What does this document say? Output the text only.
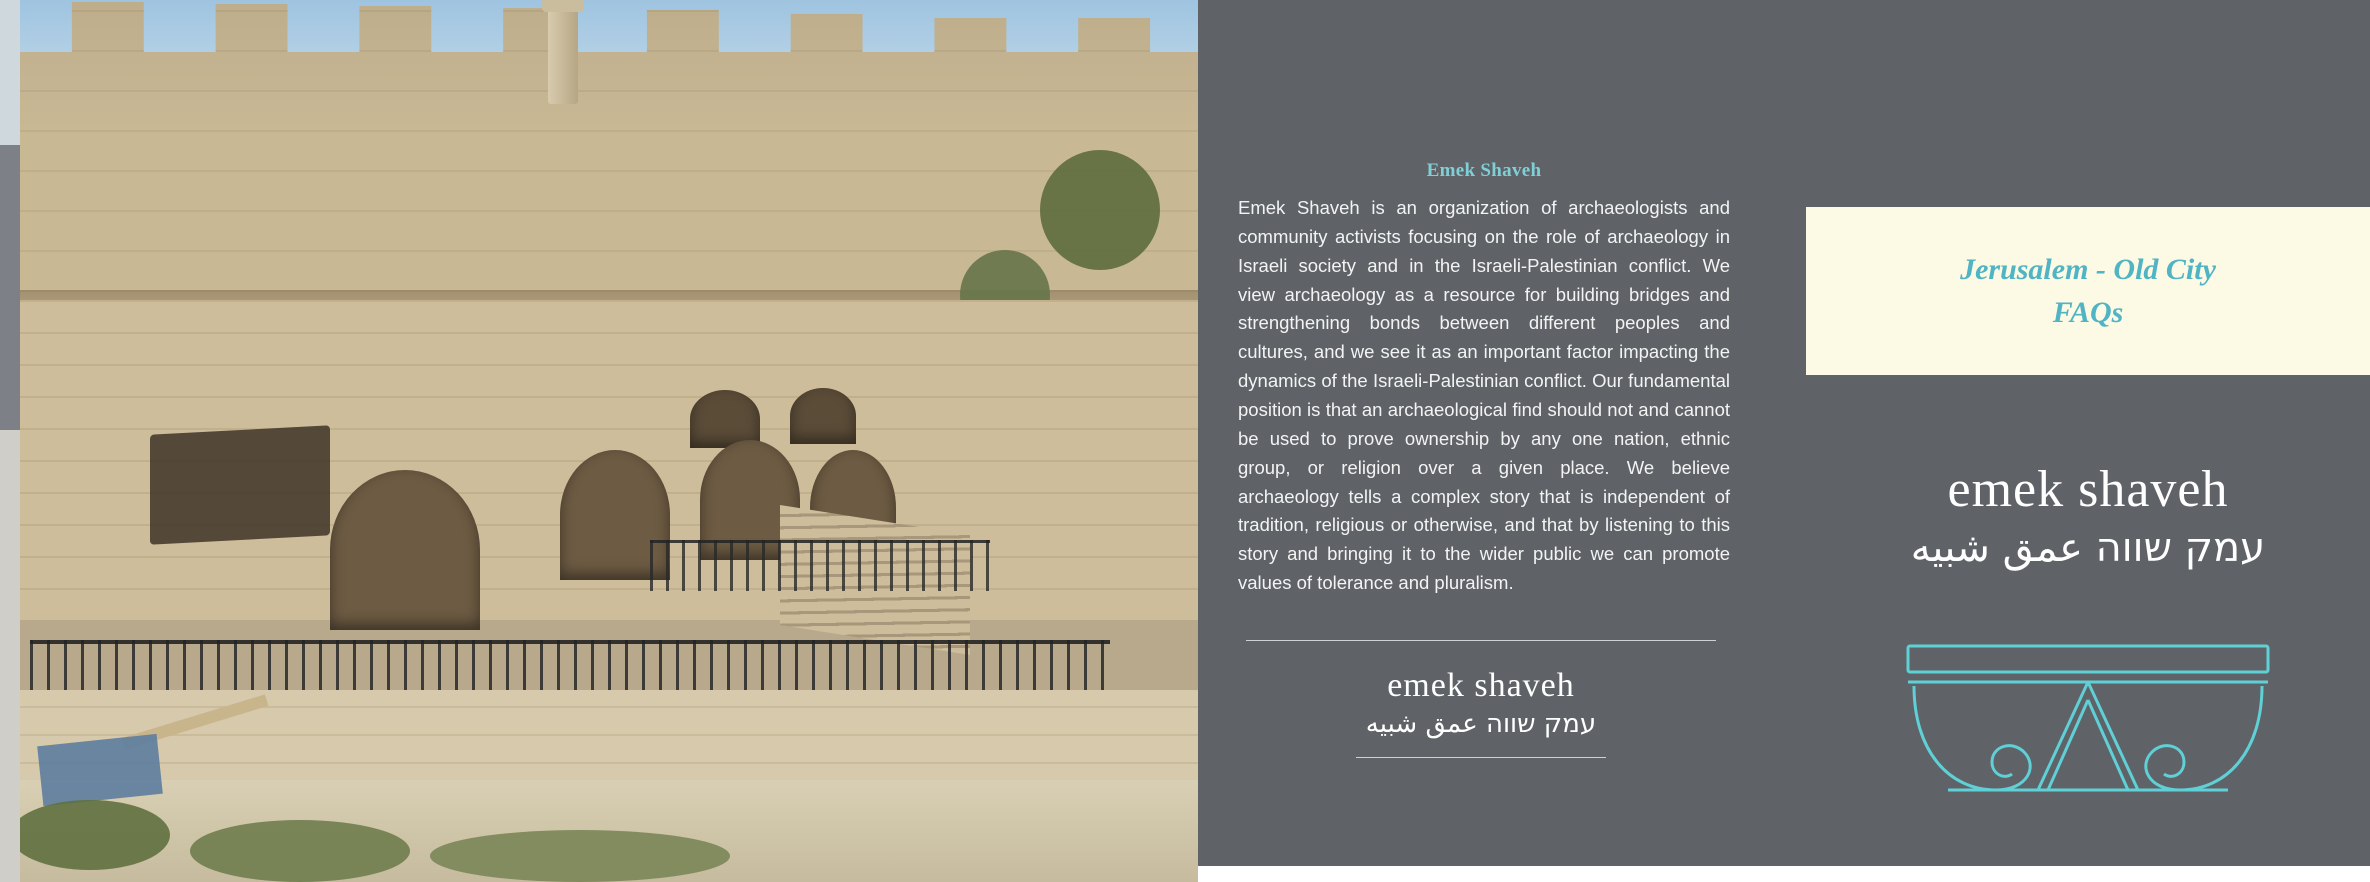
Emek Shaveh
Emek Shaveh is an organization of archaeologists and community activists focusing on the role of archaeology in Israeli society and in the Israeli-Palestinian conflict. We view archaeology as a resource for building bridges and strengthening bonds between different peoples and cultures, and we see it as an important factor impacting the dynamics of the Israeli-Palestinian conflict. Our fundamental position is that an archaeological find should not and cannot be used to prove ownership by any one nation, ethnic group, or religion over a given place. We believe archaeology tells a complex story that is independent of tradition, religious or otherwise, and that by listening to this story and bringing it to the wider public we can promote values of tolerance and pluralism.
emek shaveh
עמק שווה عمق شبيه
Jerusalem - Old City
FAQs
emek shaveh
עמק שווה عمق شبيه
